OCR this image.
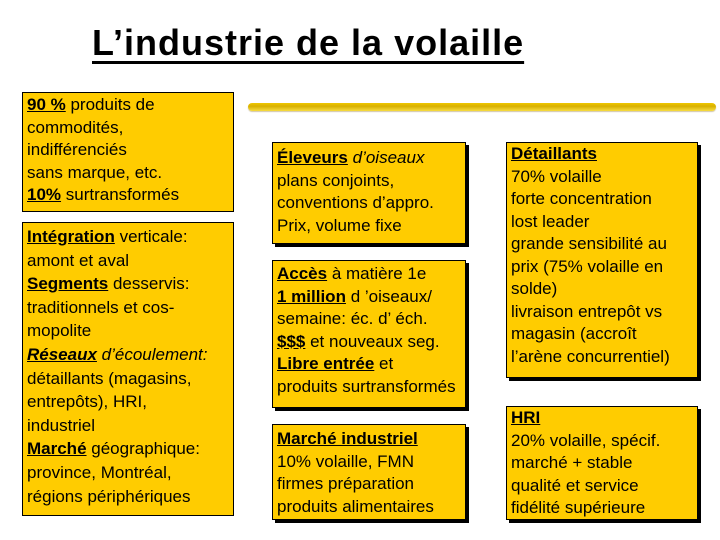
L’industrie de la volaille
90 % produits de
commodités,
indifférenciés
sans marque, etc.
10% surtransformés
Intégration verticale:
amont et aval
Segments desservis:
traditionnels et cos-
mopolite
Réseaux d’écoulement:
détaillants (magasins,
entrepôts), HRI,
industriel
Marché géographique:
province, Montréal,
régions périphériques
Éleveurs d’oiseaux
plans conjoints,
conventions d’appro.
Prix, volume fixe
Accès à matière 1e
1 million d ’oiseaux/
semaine: éc. d’ éch.
$$$ et nouveaux seg.
Libre entrée et
produits surtransformés
Marché industriel
10% volaille, FMN
firmes préparation
produits alimentaires
Détaillants
70% volaille
forte concentration
lost leader
grande sensibilité au
prix (75% volaille en
solde)
livraison entrepôt vs
magasin (accroît
l’arène concurrentiel)
HRI
20% volaille, spécif.
marché + stable
qualité et service
fidélité supérieure
